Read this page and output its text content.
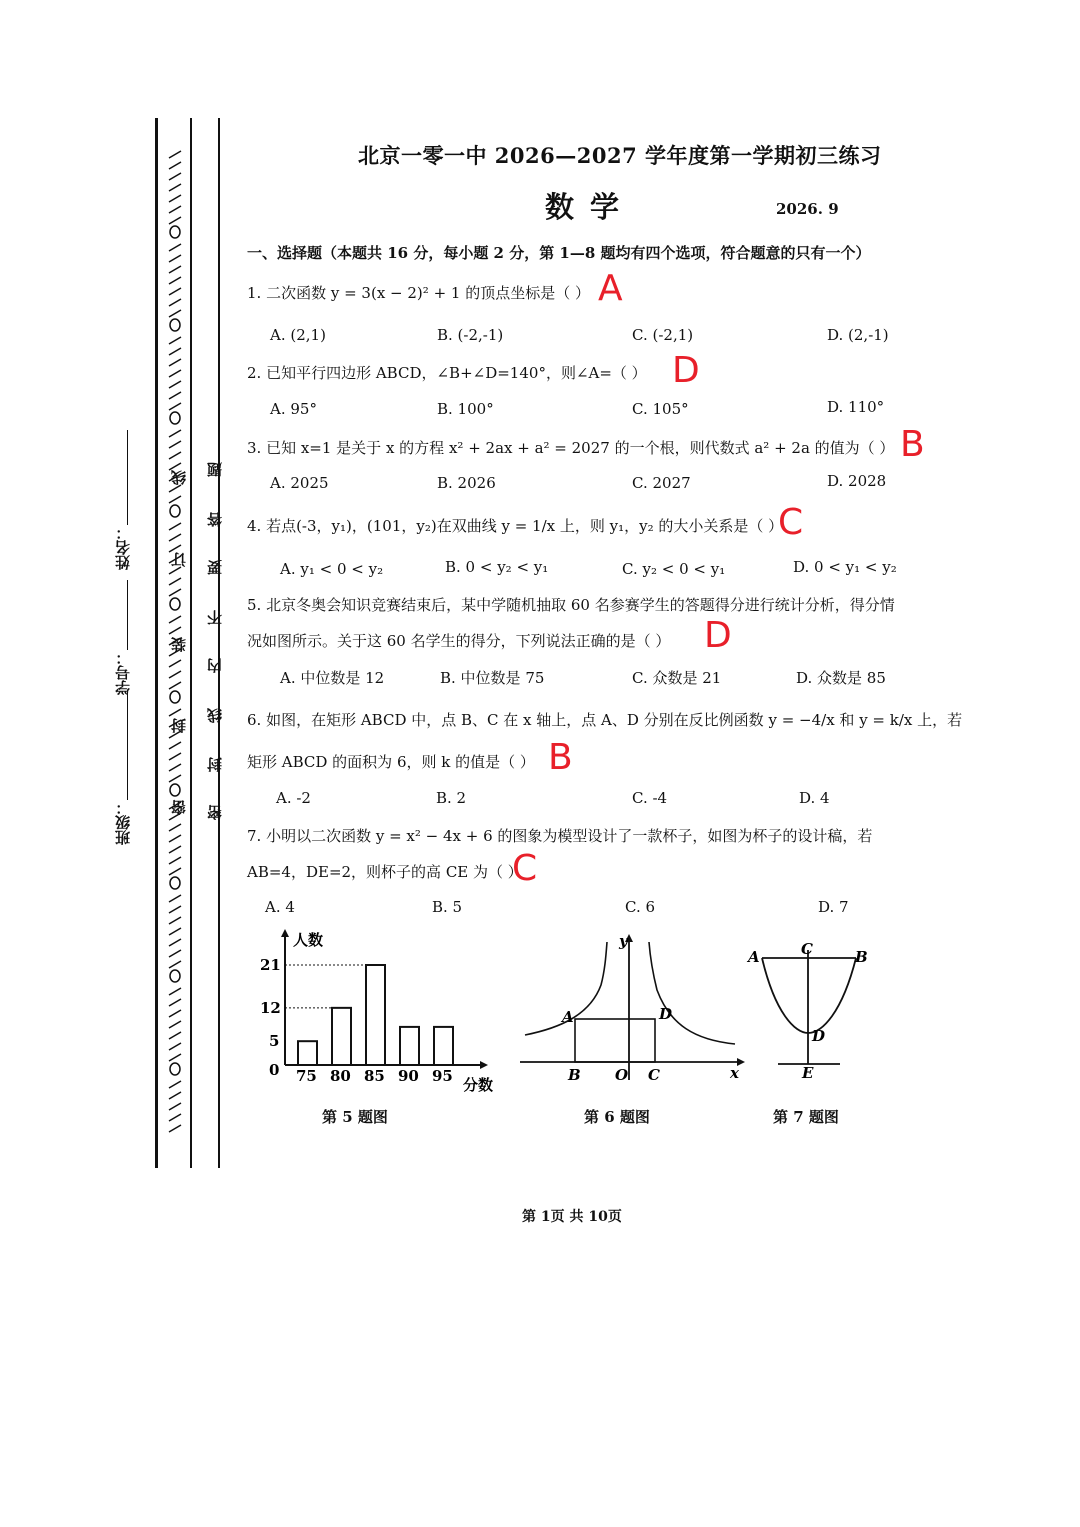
班级：
学号：
姓名：
密
封
装
订
线
密
封
线
内
不
要
答
题
北京一零一中 2026—2027 学年度第一学期初三练习
数学	2026. 9
一、选择题（本题共 16 分，每小题 2 分，第 1—8 题均有四个选项，符合题意的只有一个）
1. 二次函数 y = 3(x − 2)² + 1 的顶点坐标是（ ） A
A. (2,1)	B. (-2,-1)	C. (-2,1)	D. (2,-1)
2. 已知平行四边形 ABCD，∠B+∠D=140°，则∠A=（ ） D
A. 95°	B. 100°	C. 105°	D. 110°
3. 已知 x=1 是关于 x 的方程 x² + 2ax + a² = 2027 的一个根，则代数式 a² + 2a 的值为（ ） B
A. 2025	B. 2026	C. 2027	D. 2028
4. 若点(-3，y₁)，(101，y₂)在双曲线 y = 1/x 上，则 y₁，y₂ 的大小关系是（ ）
C
A. y₁ < 0 < y₂	B. 0 < y₂ < y₁	C. y₂ < 0 < y₁	D. 0 < y₁ < y₂
5. 北京冬奥会知识竞赛结束后，某中学随机抽取 60 名参赛学生的答题得分进行统计分析，得分情
况如图所示。关于这 60 名学生的得分，下列说法正确的是（ ） D
A. 中位数是 12	B. 中位数是 75	C. 众数是 21	D. 众数是 85
6. 如图，在矩形 ABCD 中，点 B、C 在 x 轴上，点 A、D 分别在反比例函数 y = −4/x 和 y = k/x 上，若
矩形 ABCD 的面积为 6，则 k 的值是（ ） B
A. -2	B. 2	C. -4	D. 4
7. 小明以二次函数 y = x² − 4x + 6 的图象为模型设计了一款杯子，如图为杯子的设计稿，若
AB=4，DE=2，则杯子的高 CE 为（ ）
C
A. 4	B. 5	C. 6	D. 7
人数
分数
0
5
12
21
75 80 85 90 95
第 5 题图
y
A	D
B O C	x
第 6 题图
A	C	B
D
E
第 7 题图
第 1页 共 10页
